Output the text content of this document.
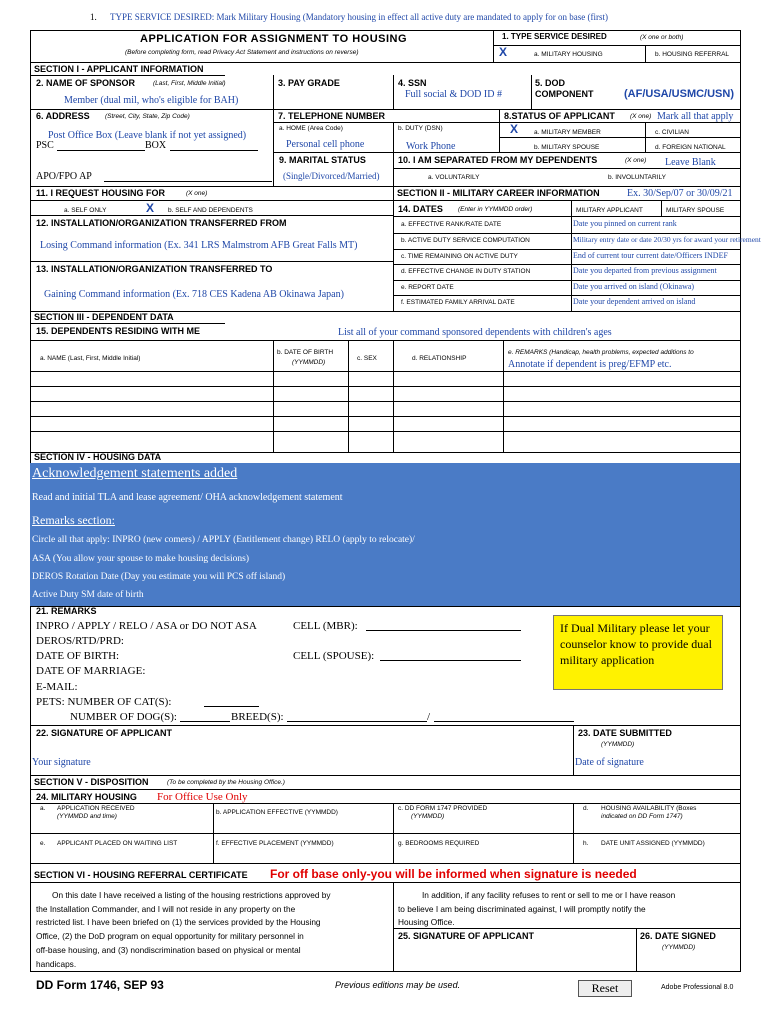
1. TYPE SERVICE DESIRED: Mark Military Housing (Mandatory housing in effect all active duty are mandated to apply for on base (first)
APPLICATION FOR ASSIGNMENT TO HOUSING
(Before completing form, read Privacy Act Statement and instructions on reverse)
1. TYPE SERVICE DESIRED	(X one or both)
X	a. MILITARY HOUSING	b. HOUSING REFERRAL
SECTION I - APPLICANT INFORMATION
2. NAME OF SPONSOR	(Last, First, Middle Initial)
Member (dual mil, who's eligible for BAH)
3. PAY GRADE	4. SSN
Full social & DOD ID #
5. DOD
COMPONENT	(AF/USA/USMC/USN)
6. ADDRESS (Street, City, State, Zip Code)
Post Office Box (Leave blank if not yet assigned)
PSC	BOX
APO/FPO AP
7. TELEPHONE NUMBER
a. HOME (Area Code)
Personal cell phone
b. DUTY (DSN)
Work Phone
8.STATUS OF APPLICANT (X one) Mark all that apply
X a. MILITARY MEMBER
b. MILITARY SPOUSE
c. CIVILIAN
d. FOREIGN NATIONAL
9. MARITAL STATUS
(Single/Divorced/Married)
10. I AM SEPARATED FROM MY DEPENDENTS	(X one) Leave Blank
a. VOLUNTARILY	b. INVOLUNTARILY
11. I REQUEST HOUSING FOR	(X one)
a. SELF ONLY	X b. SELF AND DEPENDENTS
SECTION II - MILITARY CAREER INFORMATION	Ex. 30/Sep/07 or 30/09/21
14. DATES (Enter in YYMMDD order)	MILITARY APPLICANT	MILITARY SPOUSE
a. EFFECTIVE RANK/RATE DATE	Date you pinned on current rank
b. ACTIVE DUTY SERVICE COMPUTATION	Military entry date or date 20/30 yrs for award your retirement
c. TIME REMAINING ON ACTIVE DUTY	End of current tour current date/Officers INDEF
d. EFFECTIVE CHANGE IN DUTY STATION	Date you departed from previous assignment
e. REPORT DATE	Date you arrived on island (Okinawa)
f. ESTIMATED FAMILY ARRIVAL DATE	Date your dependent arrived on island
12. INSTALLATION/ORGANIZATION TRANSFERRED FROM
Losing Command information (Ex. 341 LRS Malmstrom AFB Great Falls MT)
13. INSTALLATION/ORGANIZATION TRANSFERRED TO
Gaining Command information (Ex. 718 CES Kadena AB Okinawa Japan)
SECTION III - DEPENDENT DATA
15. DEPENDENTS RESIDING WITH ME	List all of your command sponsored dependents with children's ages
a. NAME (Last, First, Middle Initial)
b. DATE OF BIRTH
(YYMMDD)
c. SEX	d. RELATIONSHIP
e. REMARKS (Handicap, health problems, expected additions to
Annotate if dependent is preg/EFMP etc.
SECTION IV - HOUSING DATA
Acknowledgement statements added
Read and initial TLA and lease agreement/ OHA acknowledgement statement
Remarks section:
Circle all that apply: INPRO (new comers) / APPLY (Entitlement change) RELO (apply to relocate)/
ASA (You allow your spouse to make housing decisions)
DEROS Rotation Date (Day you estimate you will PCS off island)
Active Duty SM date of birth
21. REMARKS
INPRO / APPLY / RELO / ASA or DO NOT ASA	CELL (MBR):
DEROS/RTD/PRD:
DATE OF BIRTH:	CELL (SPOUSE):
DATE OF MARRIAGE:
E-MAIL:
PETS: NUMBER OF CAT(S):
NUMBER OF DOG(S):	BREED(S):	/
If Dual Military please let your counselor know to provide dual military application
22. SIGNATURE OF APPLICANT
Your signature
23. DATE SUBMITTED
(YYMMDD)
Date of signature
SECTION V - DISPOSITION	(To be completed by the Housing Office.)
24. MILITARY HOUSING For Office Use Only
a. APPLICATION RECEIVED
(YYMMDD and time)
b. APPLICATION EFFECTIVE (YYMMDD)
c. DD FORM 1747 PROVIDED
(YYMMDD)
d. HOUSING AVAILABILITY (Boxes
indicated on DD Form 1747)
e. APPLICANT PLACED ON WAITING LIST	f. EFFECTIVE PLACEMENT (YYMMDD)	g. BEDROOMS REQUIRED	h. DATE UNIT ASSIGNED (YYMMDD)
SECTION VI - HOUSING REFERRAL CERTIFICATE For off base only-you will be informed when signature is needed
On this date I have received a listing of the housing restrictions approved by
the Installation Commander, and I will not reside in any property on the
restricted list. I have been briefed on (1) the services provided by the Housing
Office, (2) the DoD program on equal opportunity for military personnel in
off-base housing, and (3) nondiscrimination based on physical or mental
handicaps.
In addition, if any facility refuses to rent or sell to me or I have reason
to believe I am being discriminated against, I will promptly notify the
Housing Office.
25. SIGNATURE OF APPLICANT	26. DATE SIGNED
(YYMMDD)
DD Form 1746, SEP 93	Previous editions may be used.	Reset	Adobe Professional 8.0
